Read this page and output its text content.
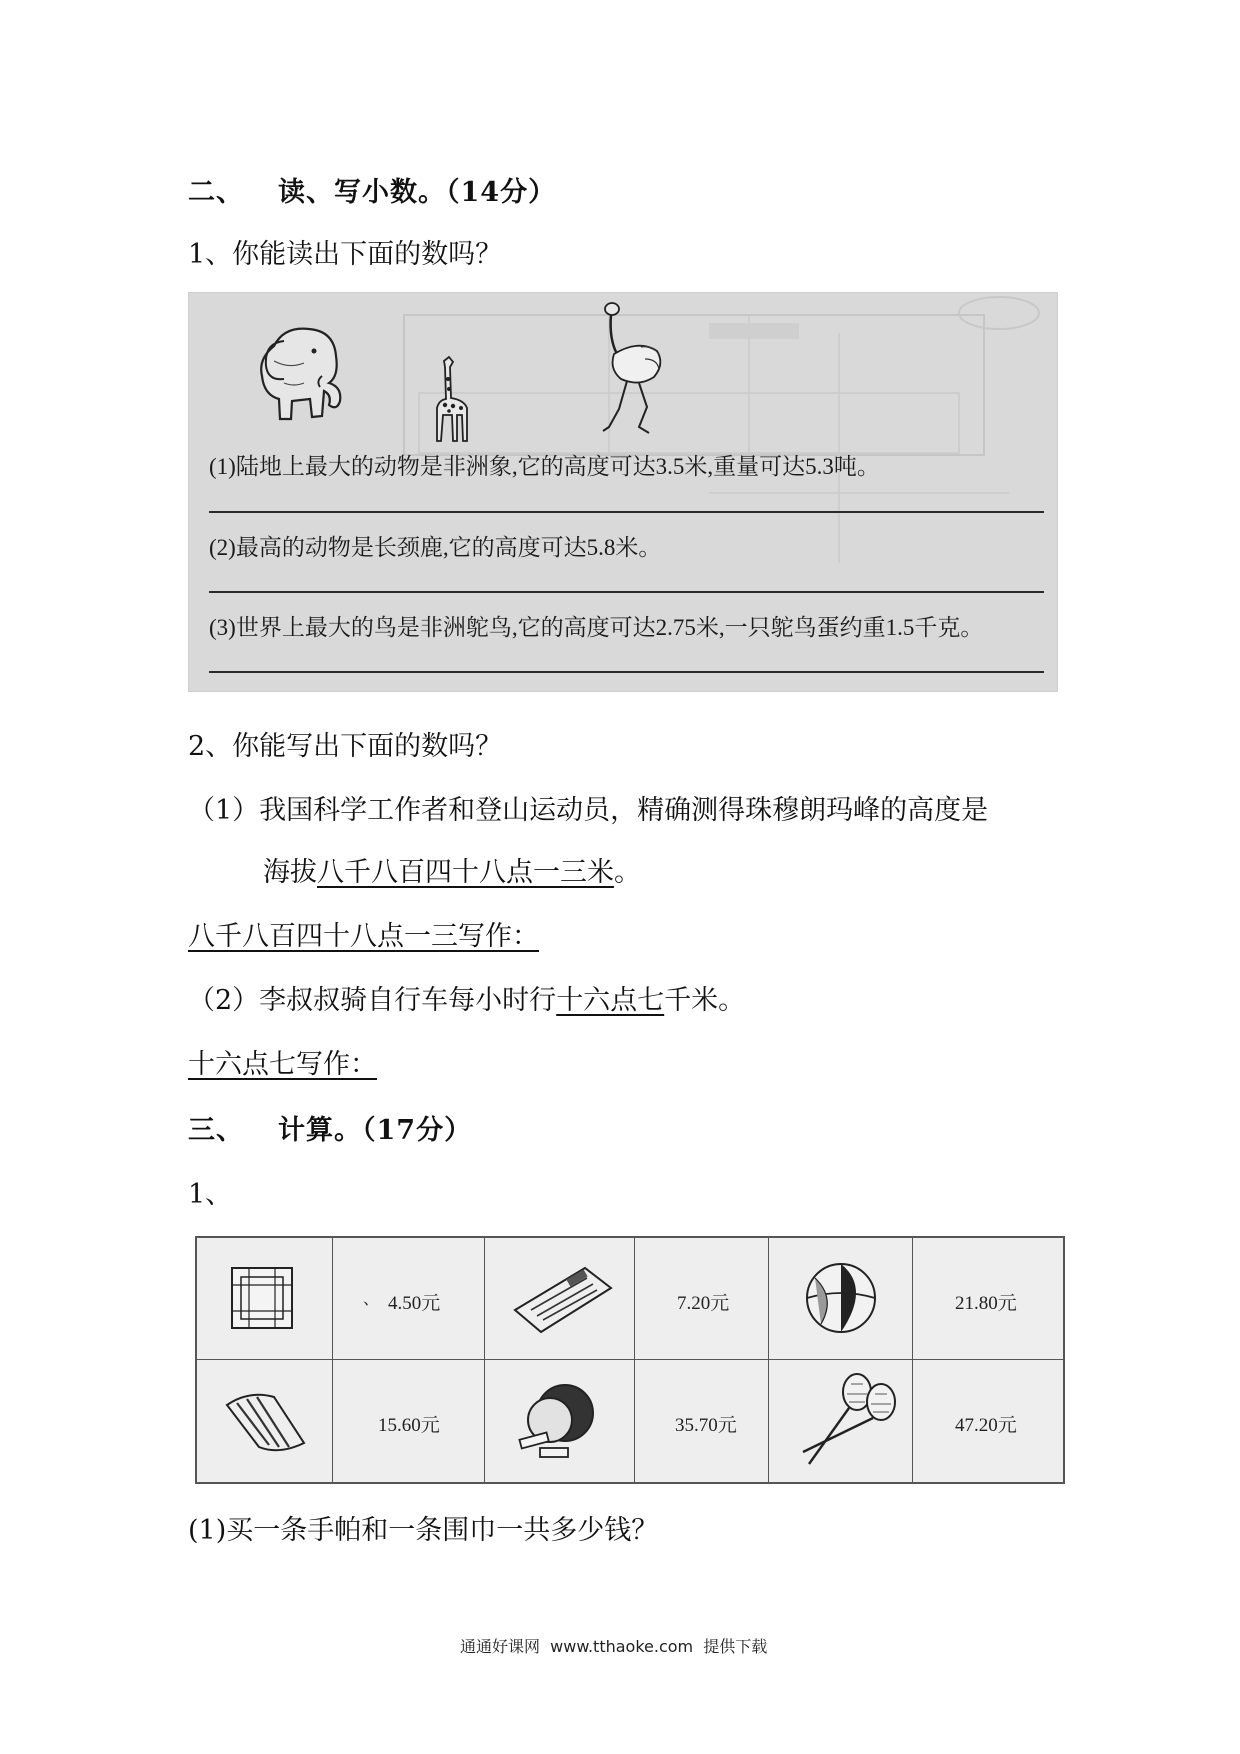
二、 读、写小数。（14分）
1、你能读出下面的数吗？
(1)陆地上最大的动物是非洲象,它的高度可达3.5米,重量可达5.3吨。
(2)最高的动物是长颈鹿,它的高度可达5.8米。
(3)世界上最大的鸟是非洲鸵鸟,它的高度可达2.75米,一只鸵鸟蛋约重1.5千克。
2、你能写出下面的数吗？
（1）我国科学工作者和登山运动员，精确测得珠穆朗玛峰的高度是
海拔八千八百四十八点一三米。
八千八百四十八点一三写作：
（2）李叔叔骑自行车每小时行十六点七千米。
十六点七写作：
三、 计算。（17分）
1、
、 4.50元	7.20元	21.80元
15.60元	35.70元	47.20元
(1)买一条手帕和一条围巾一共多少钱？
通通好课网  www.tthaoke.com  提供下载
